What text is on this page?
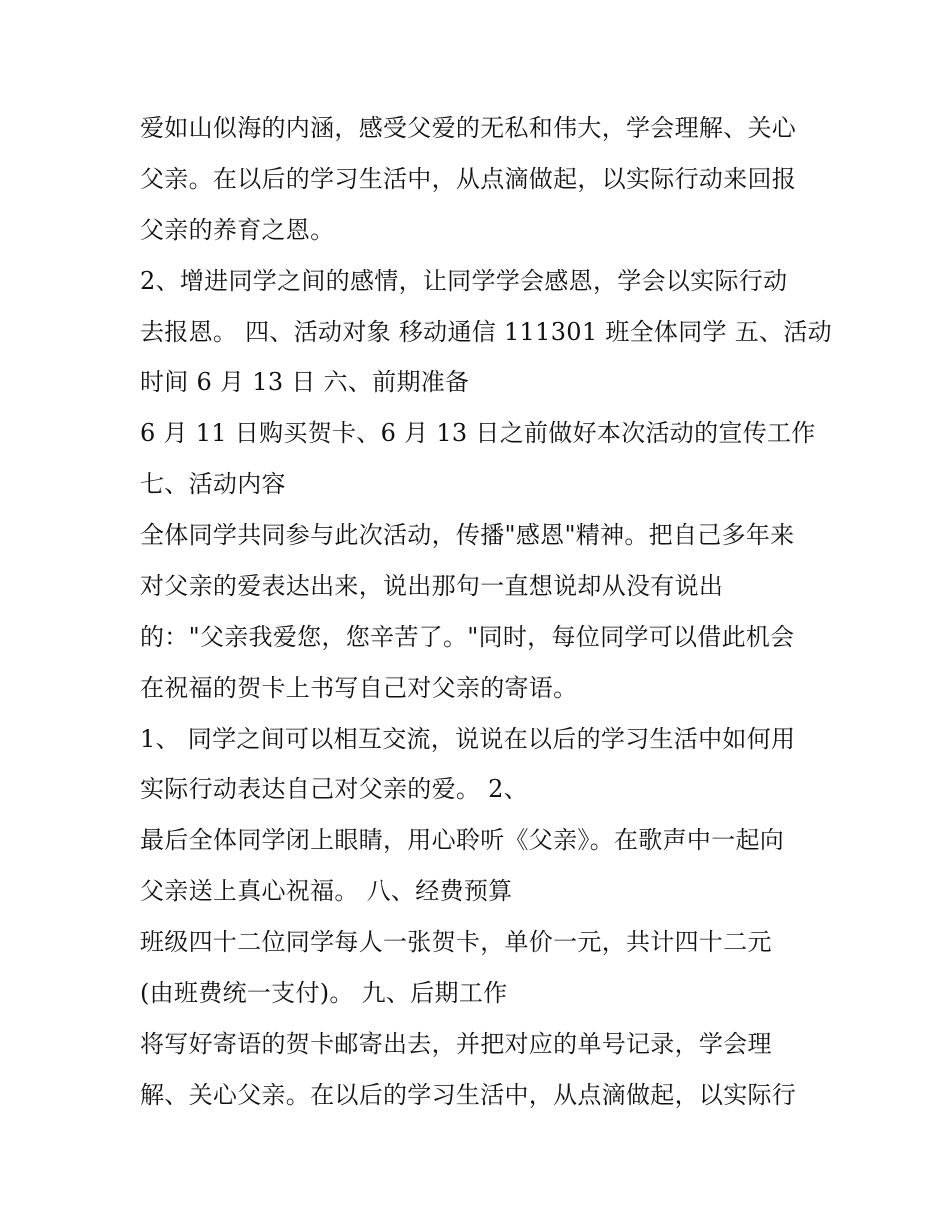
爱如山似海的内涵，感受父爱的无私和伟大，学会理解、关心
父亲。在以后的学习生活中，从点滴做起，以实际行动来回报
父亲的养育之恩。
2、增进同学之间的感情，让同学学会感恩，学会以实际行动
去报恩。 四、活动对象 移动通信 111301 班全体同学 五、活动
时间 6 月 13 日 六、前期准备
6 月 11 日购买贺卡、6 月 13 日之前做好本次活动的宣传工作
七、活动内容
全体同学共同参与此次活动，传播"感恩"精神。把自己多年来
对父亲的爱表达出来，说出那句一直想说却从没有说出
的："父亲我爱您，您辛苦了。"同时，每位同学可以借此机会
在祝福的贺卡上书写自己对父亲的寄语。
1、 同学之间可以相互交流，说说在以后的学习生活中如何用
实际行动表达自己对父亲的爱。 2、
最后全体同学闭上眼睛，用心聆听《父亲》。在歌声中一起向
父亲送上真心祝福。 八、经费预算
班级四十二位同学每人一张贺卡，单价一元，共计四十二元
(由班费统一支付)。 九、后期工作
将写好寄语的贺卡邮寄出去，并把对应的单号记录，学会理
解、关心父亲。在以后的学习生活中，从点滴做起，以实际行
